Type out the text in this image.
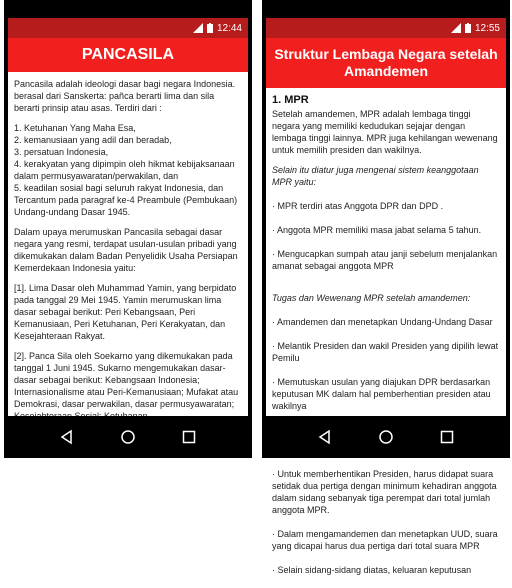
12:44
PANCASILA

Pancasila adalah ideologi dasar bagi negara Indonesia. berasal dari Sanskerta: pañca berarti lima dan sila berarti prinsip atau asas. Terdiri dari :

1. Ketuhanan Yang Maha Esa,
2. kemanusiaan yang adil dan beradab,
3. persatuan Indonesia,
4. kerakyatan yang dipimpin oleh hikmat kebijaksanaan dalam permusyawaratan/perwakilan, dan
5. keadilan sosial bagi seluruh rakyat Indonesia, dan Tercantum pada paragraf ke-4 Preambule (Pembukaan) Undang-undang Dasar 1945.

Dalam upaya merumuskan Pancasila sebagai dasar negara yang resmi, terdapat usulan-usulan pribadi yang dikemukakan dalam Badan Penyelidik Usaha Persiapan Kemerdekaan Indonesia yaitu:

[1]. Lima Dasar oleh Muhammad Yamin, yang berpidato pada tanggal 29 Mei 1945. Yamin merumuskan lima dasar sebagai berikut: Peri Kebangsaan, Peri Kemanusiaan, Peri Ketuhanan, Peri Kerakyatan, dan Kesejahteraan Rakyat.

[2]. Panca Sila oleh Soekarno yang dikemukakan pada tanggal 1 Juni 1945. Sukarno mengemukakan dasar-dasar sebagai berikut: Kebangsaan Indonesia; Internasionalisme atau Peri-Kemanusiaan; Mufakat atau Demokrasi, dasar perwakilan, dasar permusyawaratan;

12:55
Struktur Lembaga Negara setelah Amandemen
1. MPR

Setelah amandemen, MPR adalah lembaga tinggi negara yang memiliki kedudukan sejajar dengan lembaga tinggi lainnya. MPR juga kehilangan wewenang untuk memilih presiden dan wakilnya.

Selain itu diatur juga mengenai sistem keanggotaan MPR yaitu:

· MPR terdiri atas Anggota DPR dan DPD .

· Anggota MPR memiliki masa jabat selama 5 tahun.

· Mengucapkan sumpah atau janji sebelum menjalankan amanat sebagai anggota MPR

Tugas dan Wewenang MPR setelah amandemen:

· Amandemen dan menetapkan Undang-Undang Dasar

· Melantik Presiden dan wakil Presiden yang dipilih lewat Pemilu

· Memutuskan usulan yang diajukan DPR berdasarkan keputusan MK dalam hal pemberhentian presiden atau wakilnya

· Untuk memberhentikan Presiden, harus didapat suara setidak dua pertiga dengan minimum kehadiran anggota dalam sidang sebanyak tiga perempat dari total jumlah anggota MPR.

· Dalam mengamandemen dan menetapkan UUD, suara yang dicapai harus dua pertiga dari total suara MPR

· Selain sidang-sidang diatas, keluaran keputusan
